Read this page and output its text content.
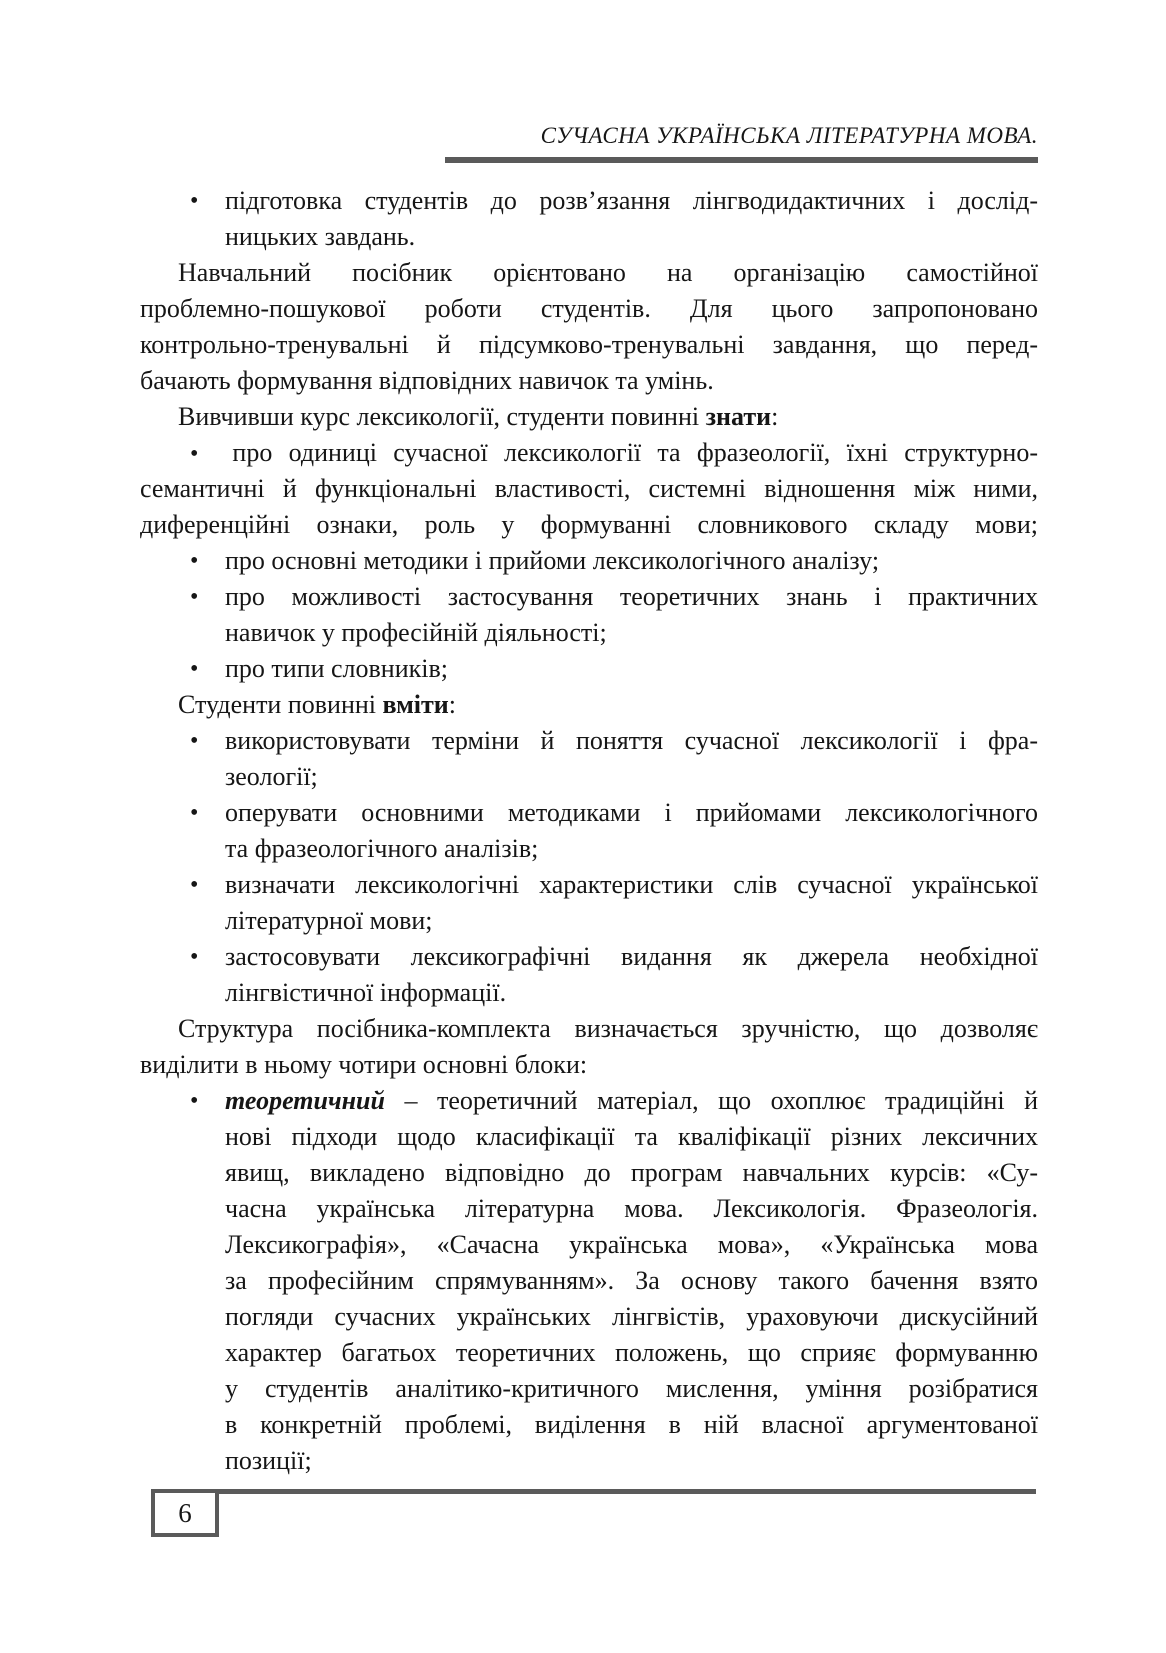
СУЧАСНА УКРАЇНСЬКА ЛІТЕРАТУРНА МОВА.
• підготовка студентів до розв’язання лінгводидактичних і дослід-
ницьких завдань.
Навчальний посібник орієнтовано на організацію самостійної
проблемно-пошукової роботи студентів. Для цього запропоновано
контрольно-тренувальні й підсумково-тренувальні завдання, що перед-
бачають формування відповідних навичок та умінь.
Вивчивши курс лексикології, студенти повинні знати:
• про одиниці сучасної лексикології та фразеології, їхні структурно-
семантичні й функціональні властивості, системні відношення між ними,
диференційні ознаки, роль у формуванні словникового складу мови;
• про основні методики і прийоми лексикологічного аналізу;
• про можливості застосування теоретичних знань і практичних
навичок у професійній діяльності;
• про типи словників;
Студенти повинні вміти:
• використовувати терміни й поняття сучасної лексикології і фра-
зеології;
• оперувати основними методиками і прийомами лексикологічного
та фразеологічного аналізів;
• визначати лексикологічні характеристики слів сучасної української
літературної мови;
• застосовувати лексикографічні видання як джерела необхідної
лінгвістичної інформації.
Структура посібника-комплекта визначається зручністю, що дозволяє
виділити в ньому чотири основні блоки:
• теоретичний – теоретичний матеріал, що охоплює традиційні й
нові підходи щодо класифікації та кваліфікації різних лексичних
явищ, викладено відповідно до програм навчальних курсів: «Су-
часна українська літературна мова. Лексикологія. Фразеологія.
Лексикографія», «Сачасна українська мова», «Українська мова
за професійним спрямуванням». За основу такого бачення взято
погляди сучасних українських лінгвістів, ураховуючи дискусійний
характер багатьох теоретичних положень, що сприяє формуванню
у студентів аналітико-критичного мислення, уміння розібратися
в конкретній проблемі, виділення в ній власної аргументованої
позиції;
6
